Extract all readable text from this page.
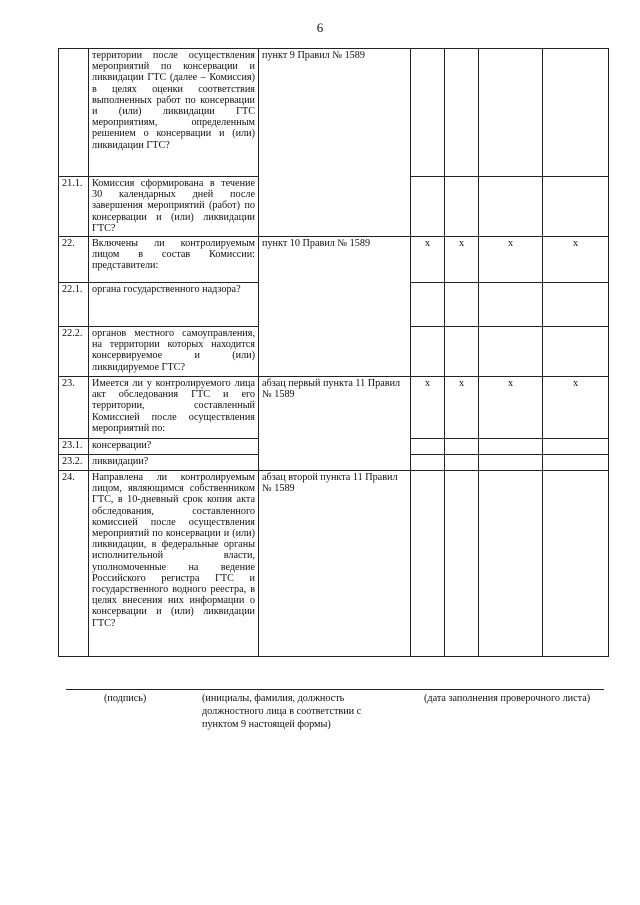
6
	территории после осуществления мероприятий по консервации и ликвидации ГТС (далее – Комиссия) в целях оценки соответствия выполненных работ по консервации и (или) ликвидации ГТС мероприятиям, определенным решением о консервации и (или) ликвидации ГТС?	пункт 9 Правил № 1589				
21.1.	Комиссия сформирована в течение 30 календарных дней после завершения мероприятий (работ) по консервации и (или) ликвидации ГТС?					
22.	Включены ли контролируемым лицом в состав Комиссии: представители:	пункт 10 Правил № 1589	x	x	x	x
22.1.	органа государственного надзора?					
22.2.	органов местного самоуправления, на территории которых находится консервируемое и (или) ликвидируемое ГТС?					
23.	Имеется ли у контролируемого лица акт обследования ГТС и его территории, составленный Комиссией после осуществления мероприятий по:	абзац первый пункта 11 Правил № 1589	x	x	x	x
23.1.	консервации?					
23.2.	ликвидации?					
24.	Направлена ли контролируемым лицом, являющимся собственником ГТС, в 10-дневный срок копия акта обследования, составленного комиссией после осуществления мероприятий по консервации и (или) ликвидации, в федеральные органы исполнительной власти, уполномоченные на ведение Российского регистра ГТС и государственного водного реестра, в целях внесения них информации о консервации и (или) ликвидации ГТС?	абзац второй пункта 11 Правил № 1589				
(подпись)	(инициалы, фамилия, должность должностного лица в соответствии с пунктом 9 настоящей формы)
(дата заполнения проверочного листа)
